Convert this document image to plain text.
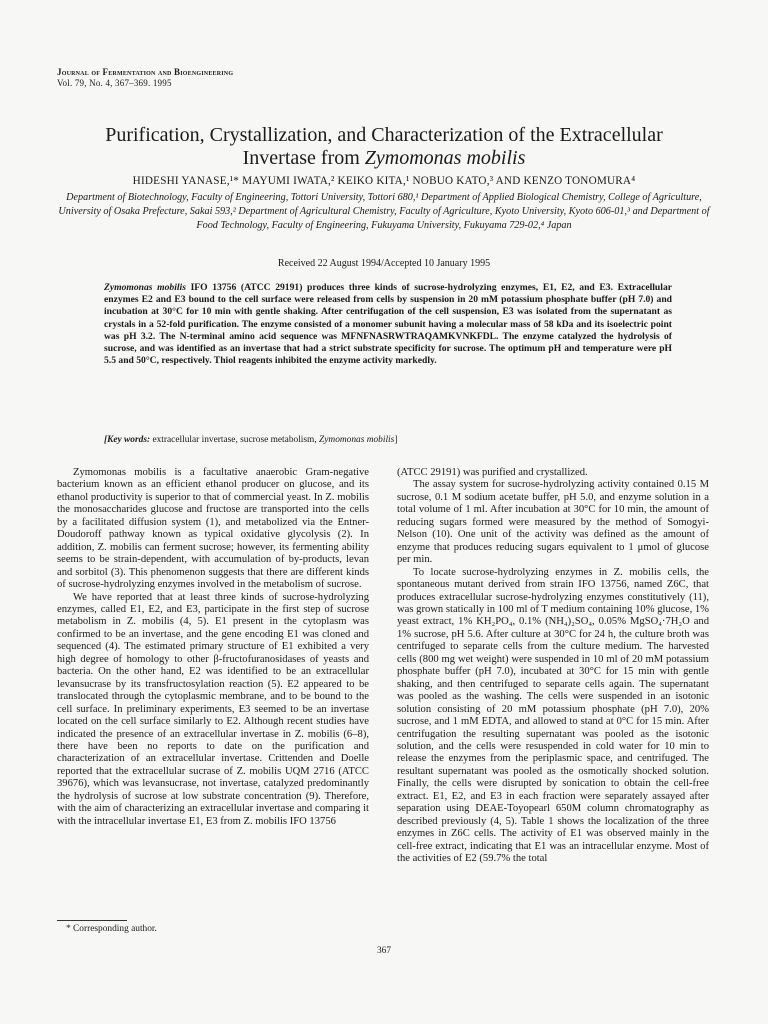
Journal of Fermentation and Bioengineering
Vol. 79, No. 4, 367–369. 1995
Purification, Crystallization, and Characterization of the Extracellular
Invertase from Zymomonas mobilis
HIDESHI YANASE,¹* MAYUMI IWATA,² KEIKO KITA,¹ NOBUO KATO,³ AND KENZO TONOMURA⁴
Department of Biotechnology, Faculty of Engineering, Tottori University, Tottori 680,¹ Department of Applied Biological Chemistry, College of Agriculture, University of Osaka Prefecture, Sakai 593,² Department of Agricultural Chemistry, Faculty of Agriculture, Kyoto University, Kyoto 606-01,³ and Department of Food Technology, Faculty of Engineering, Fukuyama University, Fukuyama 729-02,⁴ Japan
Received 22 August 1994/Accepted 10 January 1995
Zymomonas mobilis IFO 13756 (ATCC 29191) produces three kinds of sucrose-hydrolyzing enzymes, E1, E2, and E3. Extracellular enzymes E2 and E3 bound to the cell surface were released from cells by suspension in 20 mM potassium phosphate buffer (pH 7.0) and incubation at 30°C for 10 min with gentle shaking. After centrifugation of the cell suspension, E3 was isolated from the supernatant as crystals in a 52-fold purification. The enzyme consisted of a monomer subunit having a molecular mass of 58 kDa and its isoelectric point was pH 3.2. The N-terminal amino acid sequence was MFNFNASRWTRAQAMKVNKFDL. The enzyme catalyzed the hydrolysis of sucrose, and was identified as an invertase that had a strict substrate specificity for sucrose. The optimum pH and temperature were pH 5.5 and 50°C, respectively. Thiol reagents inhibited the enzyme activity markedly.
[Key words: extracellular invertase, sucrose metabolism, Zymomonas mobilis]

Zymomonas mobilis is a facultative anaerobic Gram-negative bacterium known as an efficient ethanol producer on glucose, and its ethanol productivity is superior to that of commercial yeast. In Z. mobilis the monosaccharides glucose and fructose are transported into the cells by a facilitated diffusion system (1), and metabolized via the Entner-Doudoroff pathway known as typical oxidative glycolysis (2). In addition, Z. mobilis can ferment sucrose; however, its fermenting ability seems to be strain-dependent, with accumulation of by-products, levan and sorbitol (3). This phenomenon suggests that there are different kinds of sucrose-hydrolyzing enzymes involved in the metabolism of sucrose.

We have reported that at least three kinds of sucrose-hydrolyzing enzymes, called E1, E2, and E3, participate in the first step of sucrose metabolism in Z. mobilis (4, 5). E1 present in the cytoplasm was confirmed to be an invertase, and the gene encoding E1 was cloned and sequenced (4). The estimated primary structure of E1 exhibited a very high degree of homology to other β-fructofuranosidases of yeasts and bacteria. On the other hand, E2 was identified to be an extracellular levansucrase by its transfructosylation reaction (5). E2 appeared to be translocated through the cytoplasmic membrane, and to be bound to the cell surface. In preliminary experiments, E3 seemed to be an invertase located on the cell surface similarly to E2. Although recent studies have indicated the presence of an extracellular invertase in Z. mobilis (6–8), there have been no reports to date on the purification and characterization of an extracellular invertase. Crittenden and Doelle reported that the extracellular sucrase of Z. mobilis UQM 2716 (ATCC 39676), which was levansucrase, not invertase, catalyzed predominantly the hydrolysis of sucrose at low substrate concentration (9). Therefore, with the aim of characterizing an extracellular invertase and comparing it with the intracellular invertase E1, E3 from Z. mobilis IFO 13756

(ATCC 29191) was purified and crystallized.

The assay system for sucrose-hydrolyzing activity contained 0.15 M sucrose, 0.1 M sodium acetate buffer, pH 5.0, and enzyme solution in a total volume of 1 ml. After incubation at 30°C for 10 min, the amount of reducing sugars formed were measured by the method of Somogyi-Nelson (10). One unit of the activity was defined as the amount of enzyme that produces reducing sugars equivalent to 1 μmol of glucose per min.

To locate sucrose-hydrolyzing enzymes in Z. mobilis cells, the spontaneous mutant derived from strain IFO 13756, named Z6C, that produces extracellular sucrose-hydrolyzing enzymes constitutively (11), was grown statically in 100 ml of T medium containing 10% glucose, 1% yeast extract, 1% KH₂PO₄, 0.1% (NH₄)₂SO₄, 0.05% MgSO₄·7H₂O and 1% sucrose, pH 5.6. After culture at 30°C for 24 h, the culture broth was centrifuged to separate cells from the culture medium. The harvested cells (800 mg wet weight) were suspended in 10 ml of 20 mM potassium phosphate buffer (pH 7.0), incubated at 30°C for 15 min with gentle shaking, and then centrifuged to separate cells again. The supernatant was pooled as the washing. The cells were suspended in an isotonic solution consisting of 20 mM potassium phosphate (pH 7.0), 20% sucrose, and 1 mM EDTA, and allowed to stand at 0°C for 15 min. After centrifugation the resulting supernatant was pooled as the isotonic solution, and the cells were resuspended in cold water for 10 min to release the enzymes from the periplasmic space, and centrifuged. The resultant supernatant was pooled as the osmotically shocked solution. Finally, the cells were disrupted by sonication to obtain the cell-free extract. E1, E2, and E3 in each fraction were separately assayed after separation using DEAE-Toyopearl 650M column chromatography as described previously (4, 5). Table 1 shows the localization of the three enzymes in Z6C cells. The activity of E1 was observed mainly in the cell-free extract, indicating that E1 was an intracellular enzyme. Most of the activities of E2 (59.7% the total

* Corresponding author.
367
